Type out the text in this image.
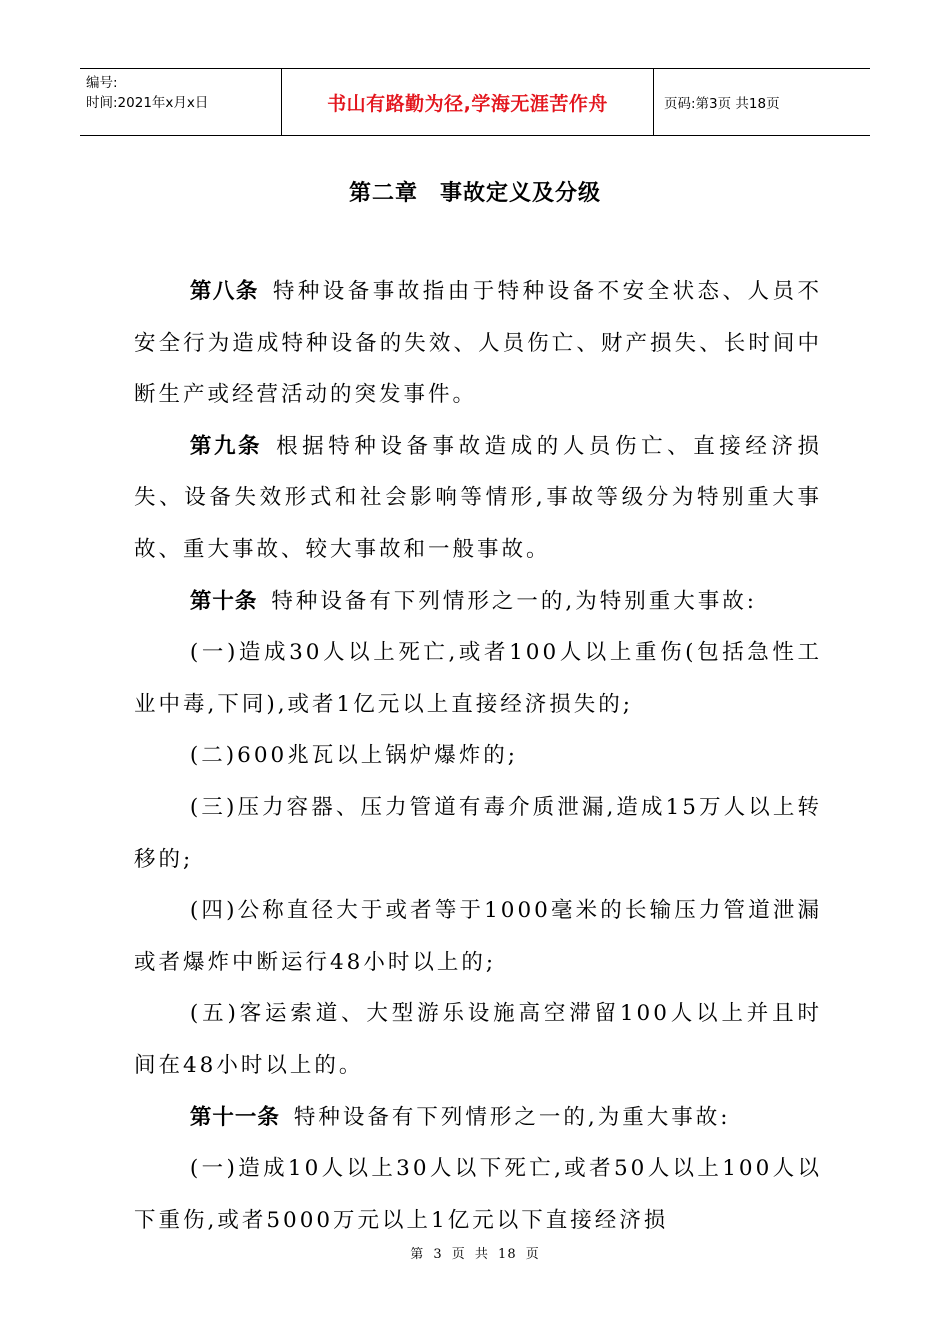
编号:
时间:2021年x月x日	书山有路勤为径,学海无涯苦作舟	页码:第3页 共18页
第二章 事故定义及分级

第八条 特种设备事故指由于特种设备不安全状态、人员不安全行为造成特种设备的失效、人员伤亡、财产损失、长时间中断生产或经营活动的突发事件。

第九条 根据特种设备事故造成的人员伤亡、直接经济损失、设备失效形式和社会影响等情形,事故等级分为特别重大事故、重大事故、较大事故和一般事故。

第十条 特种设备有下列情形之一的,为特别重大事故:

(一)造成30人以上死亡,或者100人以上重伤(包括急性工业中毒,下同),或者1亿元以上直接经济损失的;

(二)600兆瓦以上锅炉爆炸的;

(三)压力容器、压力管道有毒介质泄漏,造成15万人以上转移的;

(四)公称直径大于或者等于1000毫米的长输压力管道泄漏或者爆炸中断运行48小时以上的;

(五)客运索道、大型游乐设施高空滞留100人以上并且时间在48小时以上的。

第十一条 特种设备有下列情形之一的,为重大事故:

(一)造成10人以上30人以下死亡,或者50人以上100人以下重伤,或者5000万元以上1亿元以下直接经济损

第 3 页 共 18 页
